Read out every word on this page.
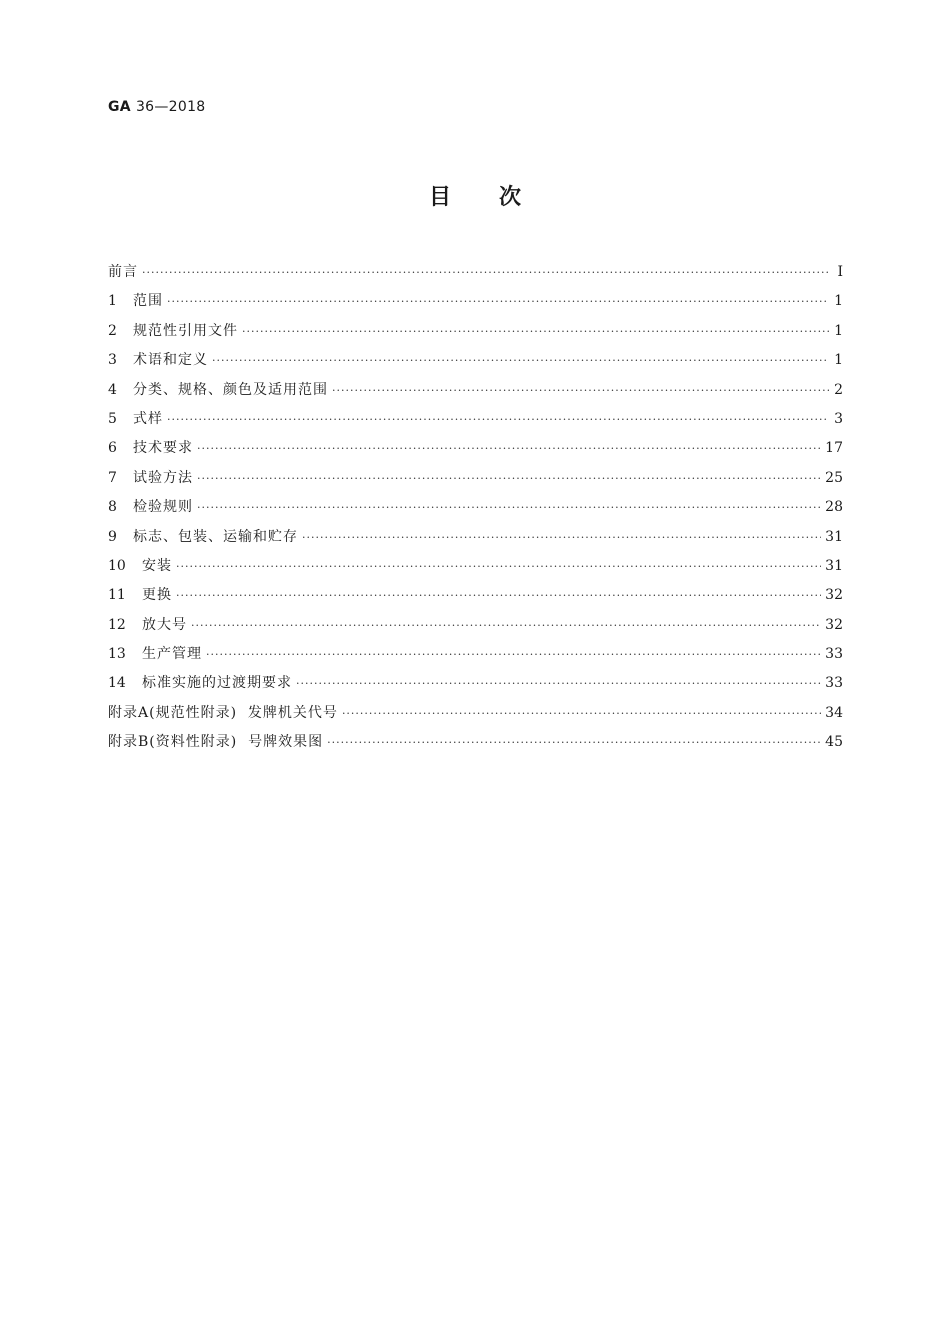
GA 36—2018
目次
前言 ·····	I
1	范围 ·····	1
2	规范性引用文件 ·····	1
3	术语和定义 ·····	1
4	分类、规格、颜色及适用范围 ·····	2
5	式样 ·····	3
6	技术要求 ·····	17
7	试验方法 ·····	25
8	检验规则 ·····	28
9	标志、包装、运输和贮存 ·····	31
10	安装 ·····	31
11	更换 ·····	32
12	放大号 ·····	32
13	生产管理 ·····	33
14	标准实施的过渡期要求 ·····	33
附录A(规范性附录)  发牌机关代号 ·····	34
附录B(资料性附录)  号牌效果图 ·····	45
